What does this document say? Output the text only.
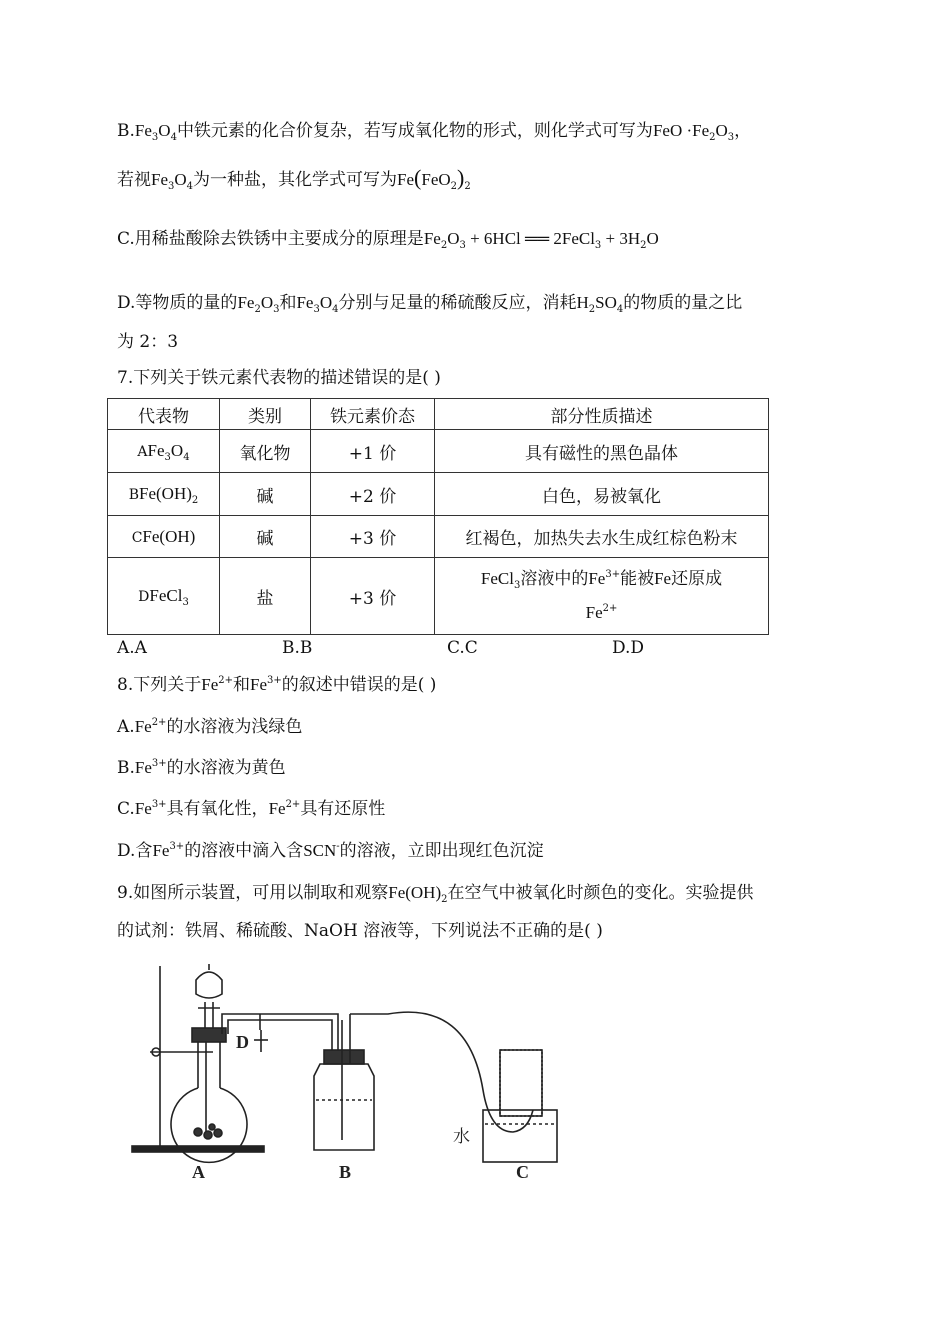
$B.Fe_3O_4$中铁元素的化合价复杂，若写成氧化物的形式，则化学式可写为FeO $\cdot Fe_2O_3$，
若视$Fe_3O_4$为一种盐，其化学式可写为$Fe(FeO_2)_2$
C.用稀盐酸除去铁锈中主要成分的原理是$Fe_2O_3 + 6HCl$ ══ 2FeCl$_3$ + $3H_2O$
D.等物质的量的$Fe_2O_3$和$Fe_3O_4$分别与足量的稀硫酸反应，消耗$H_2SO_4$的物质的量之比
为 2：3
7.下列关于铁元素代表物的描述错误的是( )
代表物	类别	铁元素价态	部分性质描述
$AFe_3O_4$	氧化物	+1 价	具有磁性的黑色晶体
$BFe(OH)_2$	碱	+2 价	白色，易被氧化
CFe(OH)	碱	+3 价	红褐色，加热失去水生成红棕色粉末
DFeCl$_3$	盐	+3 价	FeCl$_3$溶液中的$Fe^{3+}$能被Fe还原成
$Fe^{2+}$
A.A	B.B	C.C	D.D
8.下列关于$Fe^{2+}$和$Fe^{3+}$的叙述中错误的是( )
$A.Fe^{2+}$的水溶液为浅绿色
$B.Fe^{3+}$的水溶液为黄色
$C.Fe^{3+}$具有氧化性，$Fe^{2+}$具有还原性
D.含$Fe^{3+}$的溶液中滴入含SCN-的溶液，立即出现红色沉淀
9.如图所示装置，可用以制取和观察$Fe(OH)_2$在空气中被氧化时颜色的变化。实验提供
的试剂：铁屑、稀硫酸、NaOH 溶液等，下列说法不正确的是( )
D
A	B	C
水
